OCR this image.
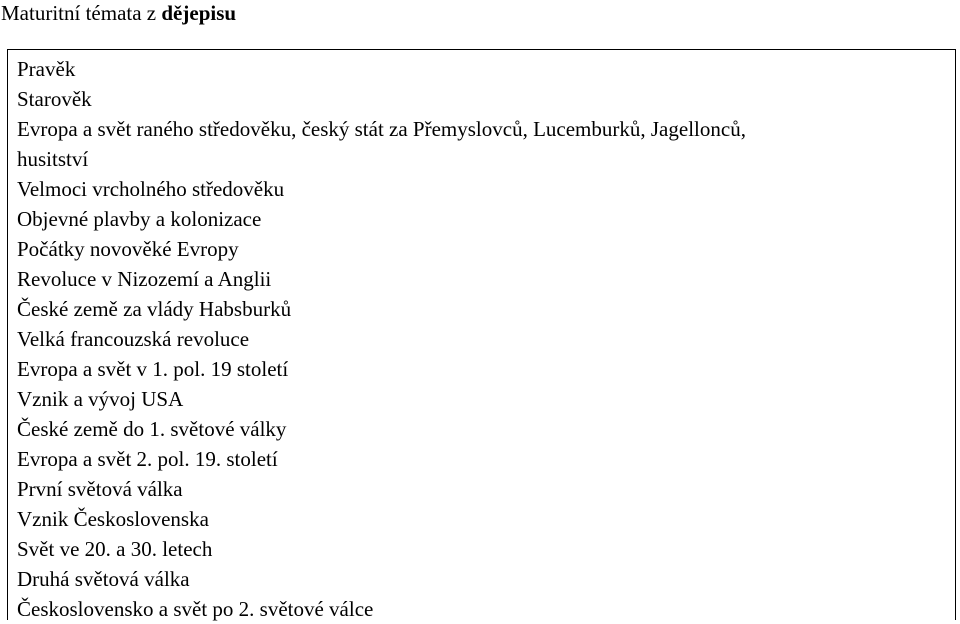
Maturitní témata z dějepisu
Pravěk
Starověk
Evropa a svět raného středověku, český stát za Přemyslovců, Lucemburků, Jagellonců,
husitství
Velmoci vrcholného středověku
Objevné plavby a kolonizace
Počátky novověké Evropy
Revoluce v Nizozemí a Anglii
České země za vlády Habsburků
Velká francouzská revoluce
Evropa a svět v 1. pol. 19 století
Vznik a vývoj USA
České země do 1. světové války
Evropa a svět 2. pol. 19. století
První světová válka
Vznik Československa
Svět ve 20. a 30. letech
Druhá světová válka
Československo a svět po 2. světové válce
